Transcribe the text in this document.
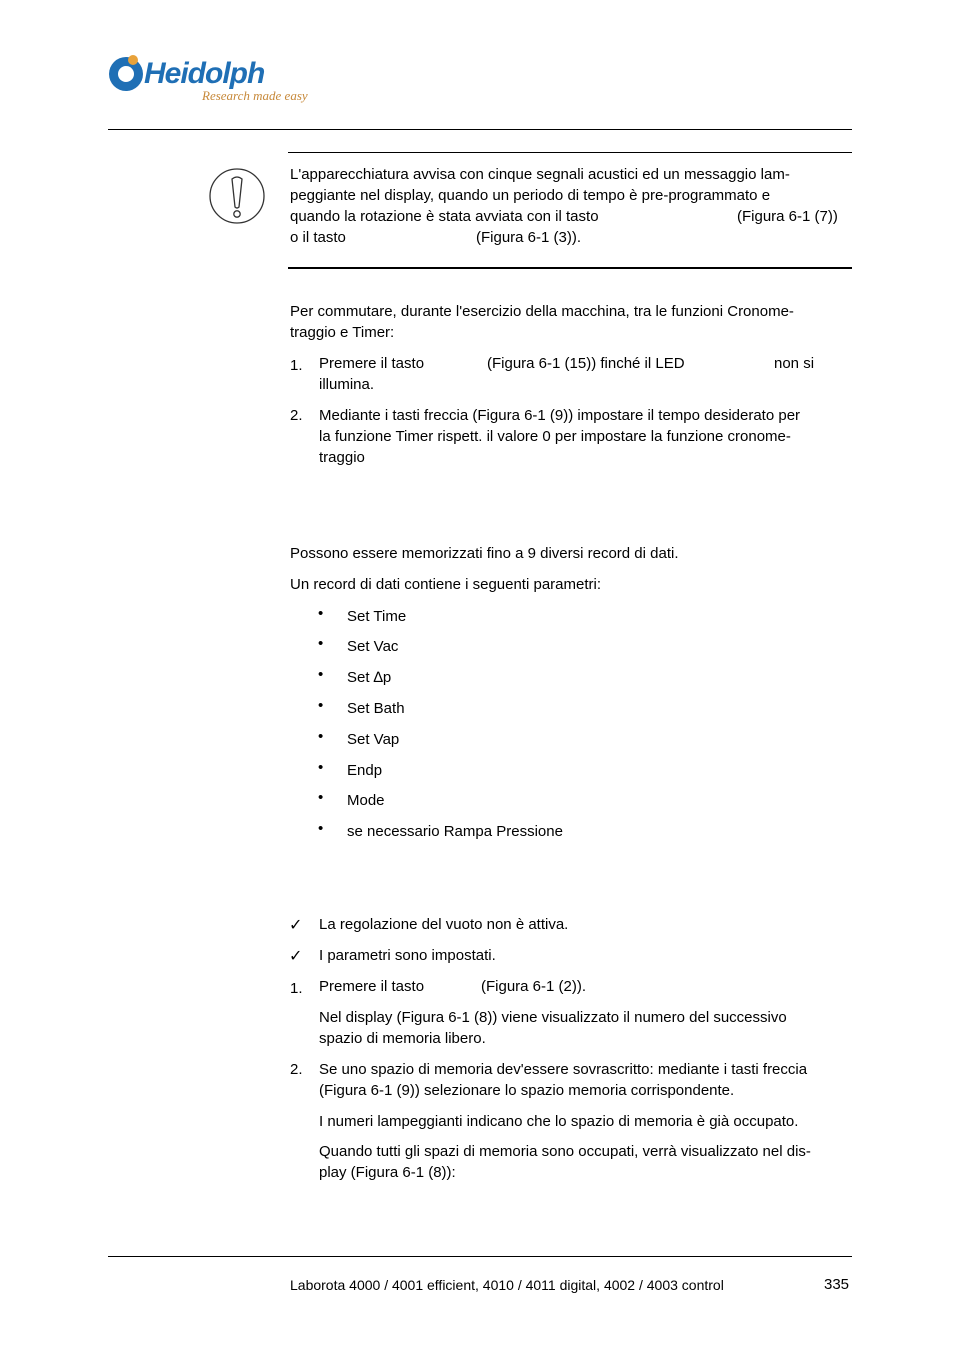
Heidolph
Research made easy
L'apparecchiatura avvisa con cinque segnali acustici ed un messaggio lam-
peggiante nel display, quando un periodo di tempo è pre-programmato e
quando la rotazione è stata avviata con il tasto	(Figura 6-1 (7))
o il tasto	(Figura 6-1 (3)).
Per commutare, durante l'esercizio della macchina, tra le funzioni Cronome-
traggio e Timer:
1. Premere il tasto	(Figura 6-1 (15)) finché il LED	non si
illumina.
2. Mediante i tasti freccia (Figura 6-1 (9)) impostare il tempo desiderato per
la funzione Timer rispett. il valore 0 per impostare la funzione cronome-
traggio
Possono essere memorizzati fino a 9 diversi record di dati.
Un record di dati contiene i seguenti parametri:
• Set Time
• Set Vac
• Set ∆p
• Set Bath
• Set Vap
• Endp
• Mode
• se necessario Rampa Pressione
✓ La regolazione del vuoto non è attiva.
✓ I parametri sono impostati.
1. Premere il tasto	(Figura 6-1 (2)).
Nel display (Figura 6-1 (8)) viene visualizzato il numero del successivo
spazio di memoria libero.
2. Se uno spazio di memoria dev'essere sovrascritto: mediante i tasti freccia
(Figura 6-1 (9)) selezionare lo spazio memoria corrispondente.
I numeri lampeggianti indicano che lo spazio di memoria è già occupato.
Quando tutti gli spazi di memoria sono occupati, verrà visualizzato nel dis-
play (Figura 6-1 (8)):
Laborota 4000 / 4001 efficient, 4010 / 4011 digital, 4002 / 4003 control	335
